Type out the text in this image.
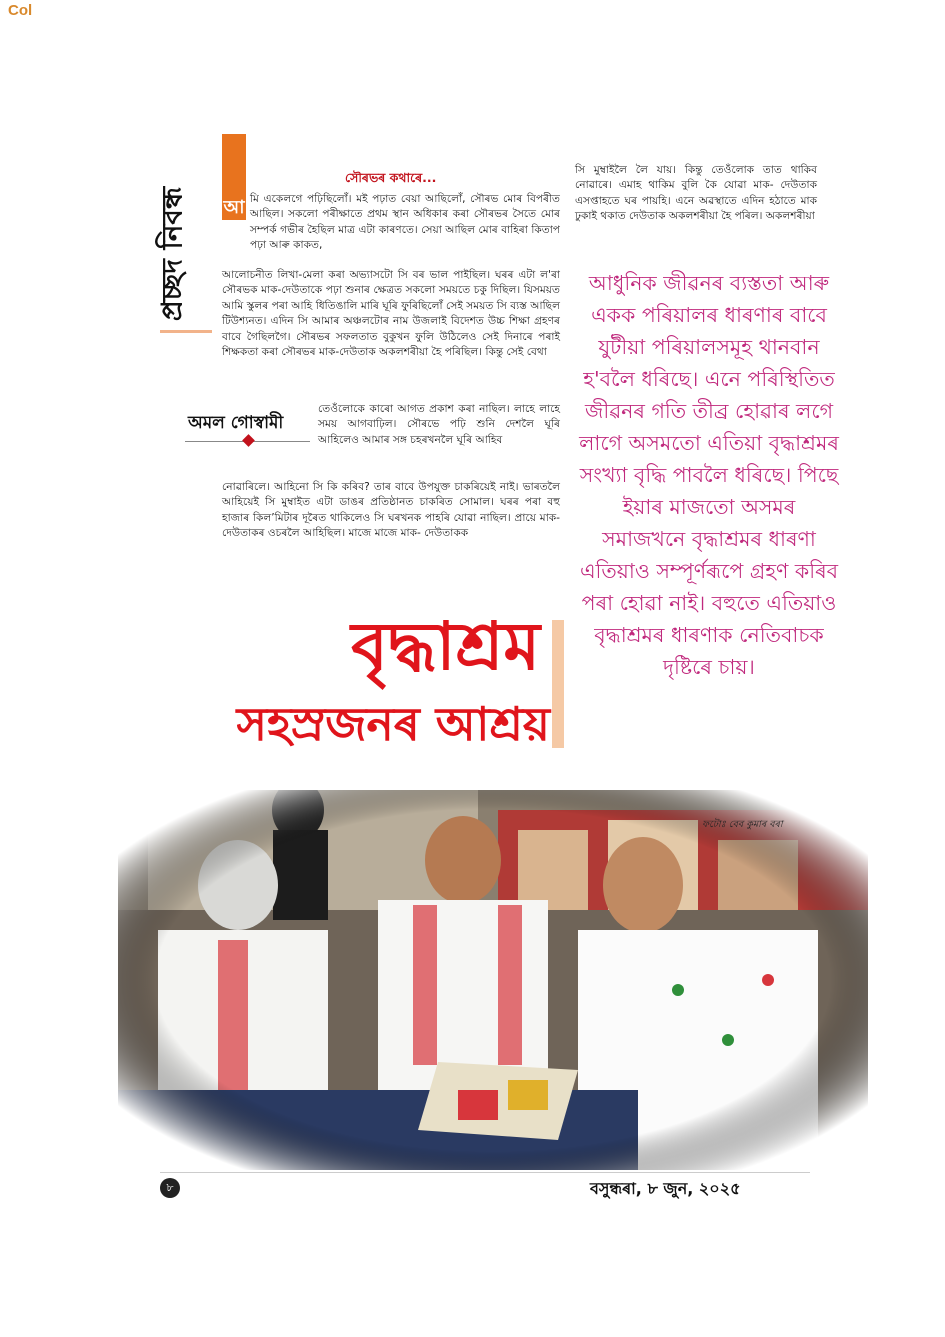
Col
প্ৰচ্ছদ নিবন্ধ
সৌৰভৰ কথাৰে...
আ মি একেলগে পঢ়িছিলোঁ। মই পঢ়াত বেয়া আছিলোঁ, সৌৰভ মোৰ বিপৰীত আছিল। সকলো পৰীক্ষাতে প্ৰথম স্থান অধিকাৰ কৰা সৌৰভৰ সৈতে মোৰ সম্পৰ্ক গভীৰ হৈছিল মাত্ৰ এটা কাৰণতে। সেয়া আছিল মোৰ বাহিৰা কিতাপ পঢ়া আৰু কাকত,
আলোচনীত লিখা-মেলা কৰা অভ্যাসটো সি বৰ ভাল পাইছিল। ঘৰৰ এটা ল'ৰা সৌৰভক মাক-দেউতাকে পঢ়া শুনাৰ ক্ষেত্ৰত সকলো সময়তে চকু দিছিল। যিসময়ত আমি স্কুলৰ পৰা আহি ধিতিঙালি মাৰি ঘূৰি ফুৰিছিলোঁ সেই সময়ত সি ব্যস্ত আছিল টিউশ্যনত। এদিন সি আমাৰ অঞ্চলটোৰ নাম উজলাই বিদেশত উচ্চ শিক্ষা গ্ৰহণৰ বাবে গৈছিলগৈ। সৌৰভৰ সফলতাত বুকুখন ফুলি উঠিলেও সেই দিনাৰে পৰাই শিক্ষকতা কৰা সৌৰভৰ মাক-দেউতাক অকলশৰীয়া হৈ পৰিছিল। কিন্তু সেই বেথা
তেওঁলোকে কাৰো আগত প্ৰকাশ কৰা নাছিল। লাহে লাহে সময় আগবাঢ়িল। সৌৰভে পঢ়ি শুনি দেশলৈ ঘূৰি আহিলেও আমাৰ সঙ্গ চহৰখনলৈ ঘূৰি আহিব
নোৱাৰিলে। আহিনো সি কি কৰিব? তাৰ বাবে উপযুক্ত চাকৰিয়েই নাই। ভাৰতলৈ আহিয়েই সি মুম্বাইত এটা ডাঙৰ প্ৰতিষ্ঠানত চাকৰিত সোমাল। ঘৰৰ পৰা বহু হাজাৰ কিলʼমিটাৰ দূৰৈত থাকিলেও সি ঘৰখনক পাহৰি যোৱা নাছিল। প্ৰায়ে মাক-দেউতাকৰ ওচৰলৈ আহিছিল। মাজে মাজে মাক- দেউতাকক
অমল গোস্বামী
সি মুম্বাইলৈ লৈ যায়। কিন্তু তেওঁলোক তাত থাকিব নোৱাৰে। এমাহ থাকিম বুলি কৈ যোৱা মাক- দেউতাক এসপ্তাহতে ঘৰ পায়হি। এনে অৱস্থাতে এদিন হঠাতে মাক ঢুকাই থকাত দেউতাক অকলশৰীয়া হৈ পৰিল। অকলশৰীয়া
আধুনিক জীৱনৰ ব্যস্ততা আৰু একক পৰিয়ালৰ ধাৰণাৰ বাবে যুটীয়া পৰিয়ালসমূহ থানবান হ'বলৈ ধৰিছে। এনে পৰিস্থিতিত জীৱনৰ গতি তীব্ৰ হোৱাৰ লগে লাগে অসমতো এতিয়া বৃদ্ধাশ্ৰমৰ সংখ্যা বৃদ্ধি পাবলৈ ধৰিছে। পিছে ইয়াৰ মাজতো অসমৰ সমাজখনে বৃদ্ধাশ্ৰমৰ ধাৰণা এতিয়াও সম্পূৰ্ণৰূপে গ্ৰহণ কৰিব পৰা হোৱা নাই। বহুতে এতিয়াও বৃদ্ধাশ্ৰমৰ ধাৰণাক নেতিবাচক দৃষ্টিৰে চায়।
বৃদ্ধাশ্ৰম
সহস্ৰজনৰ আশ্ৰয়
ফটোঃ বেব কুমাৰ বৰা
৮	বসুন্ধৰা, ৮ জুন, ২০২৫
